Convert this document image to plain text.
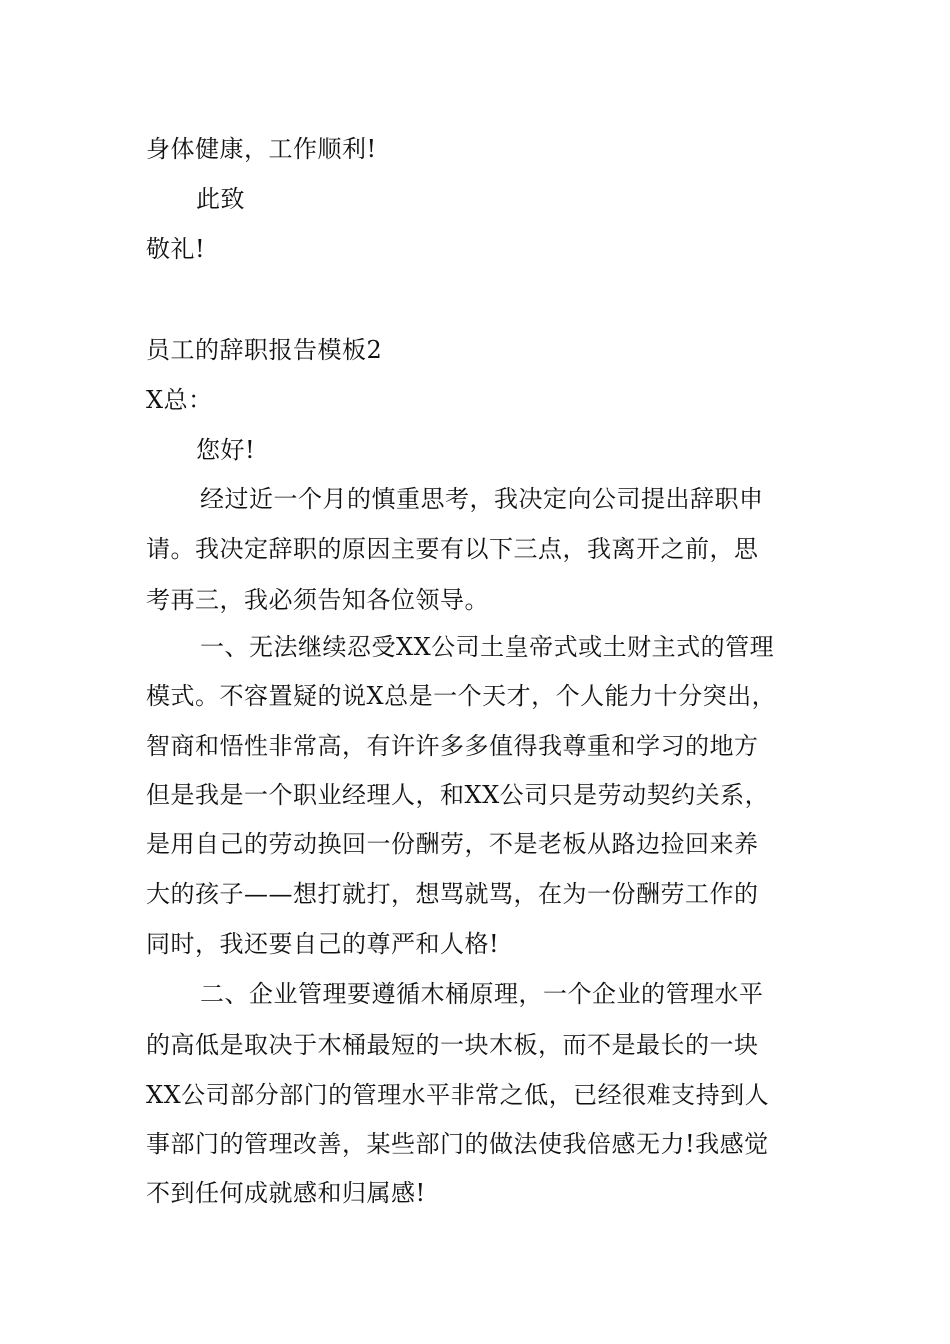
身体健康，工作顺利!
此致
敬礼!
员工的辞职报告模板2
X总：
您好!
经过近一个月的慎重思考，我决定向公司提出辞职申
请。我决定辞职的原因主要有以下三点，我离开之前，思
考再三，我必须告知各位领导。
一、无法继续忍受XX公司土皇帝式或土财主式的管理
模式。不容置疑的说X总是一个天才，个人能力十分突出，
智商和悟性非常高，有许许多多值得我尊重和学习的地方
但是我是一个职业经理人，和XX公司只是劳动契约关系，
是用自己的劳动换回一份酬劳，不是老板从路边捡回来养
大的孩子——想打就打，想骂就骂，在为一份酬劳工作的
同时，我还要自己的尊严和人格!
二、企业管理要遵循木桶原理，一个企业的管理水平
的高低是取决于木桶最短的一块木板，而不是最长的一块
XX公司部分部门的管理水平非常之低，已经很难支持到人
事部门的管理改善，某些部门的做法使我倍感无力!我感觉
不到任何成就感和归属感!
